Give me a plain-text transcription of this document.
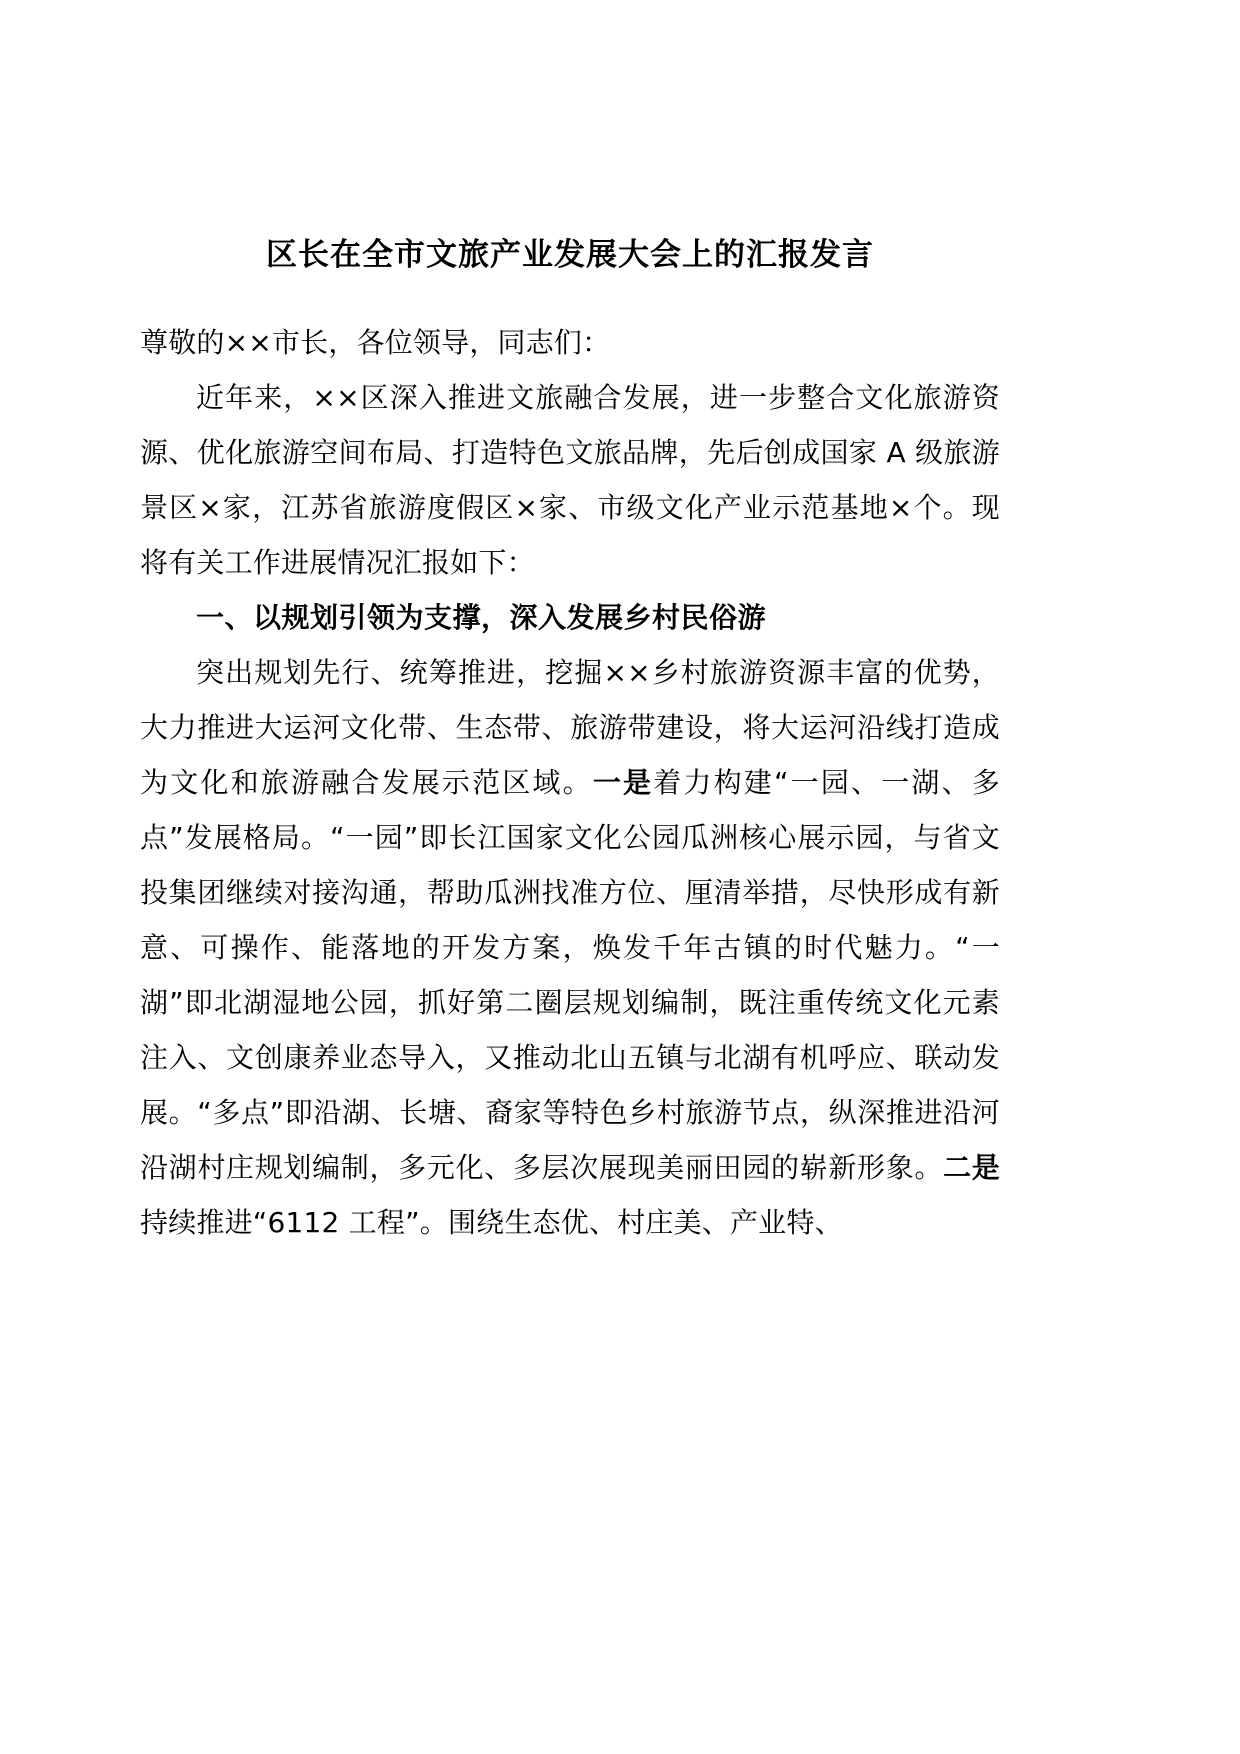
区长在全市文旅产业发展大会上的汇报发言

尊敬的××市长，各位领导，同志们：

近年来，××区深入推进文旅融合发展，进一步整合文化旅游资源、优化旅游空间布局、打造特色文旅品牌，先后创成国家 A 级旅游景区×家，江苏省旅游度假区×家、市级文化产业示范基地×个。现将有关工作进展情况汇报如下：

一、以规划引领为支撑，深入发展乡村民俗游

突出规划先行、统筹推进，挖掘××乡村旅游资源丰富的优势，大力推进大运河文化带、生态带、旅游带建设，将大运河沿线打造成为文化和旅游融合发展示范区域。一是着力构建“一园、一湖、多点”发展格局。“一园”即长江国家文化公园瓜洲核心展示园，与省文投集团继续对接沟通，帮助瓜洲找准方位、厘清举措，尽快形成有新意、可操作、能落地的开发方案，焕发千年古镇的时代魅力。“一湖”即北湖湿地公园，抓好第二圈层规划编制，既注重传统文化元素注入、文创康养业态导入，又推动北山五镇与北湖有机呼应、联动发展。“多点”即沿湖、长塘、裔家等特色乡村旅游节点，纵深推进沿河沿湖村庄规划编制，多元化、多层次展现美丽田园的崭新形象。二是持续推进“6112 工程”。围绕生态优、村庄美、产业特、
